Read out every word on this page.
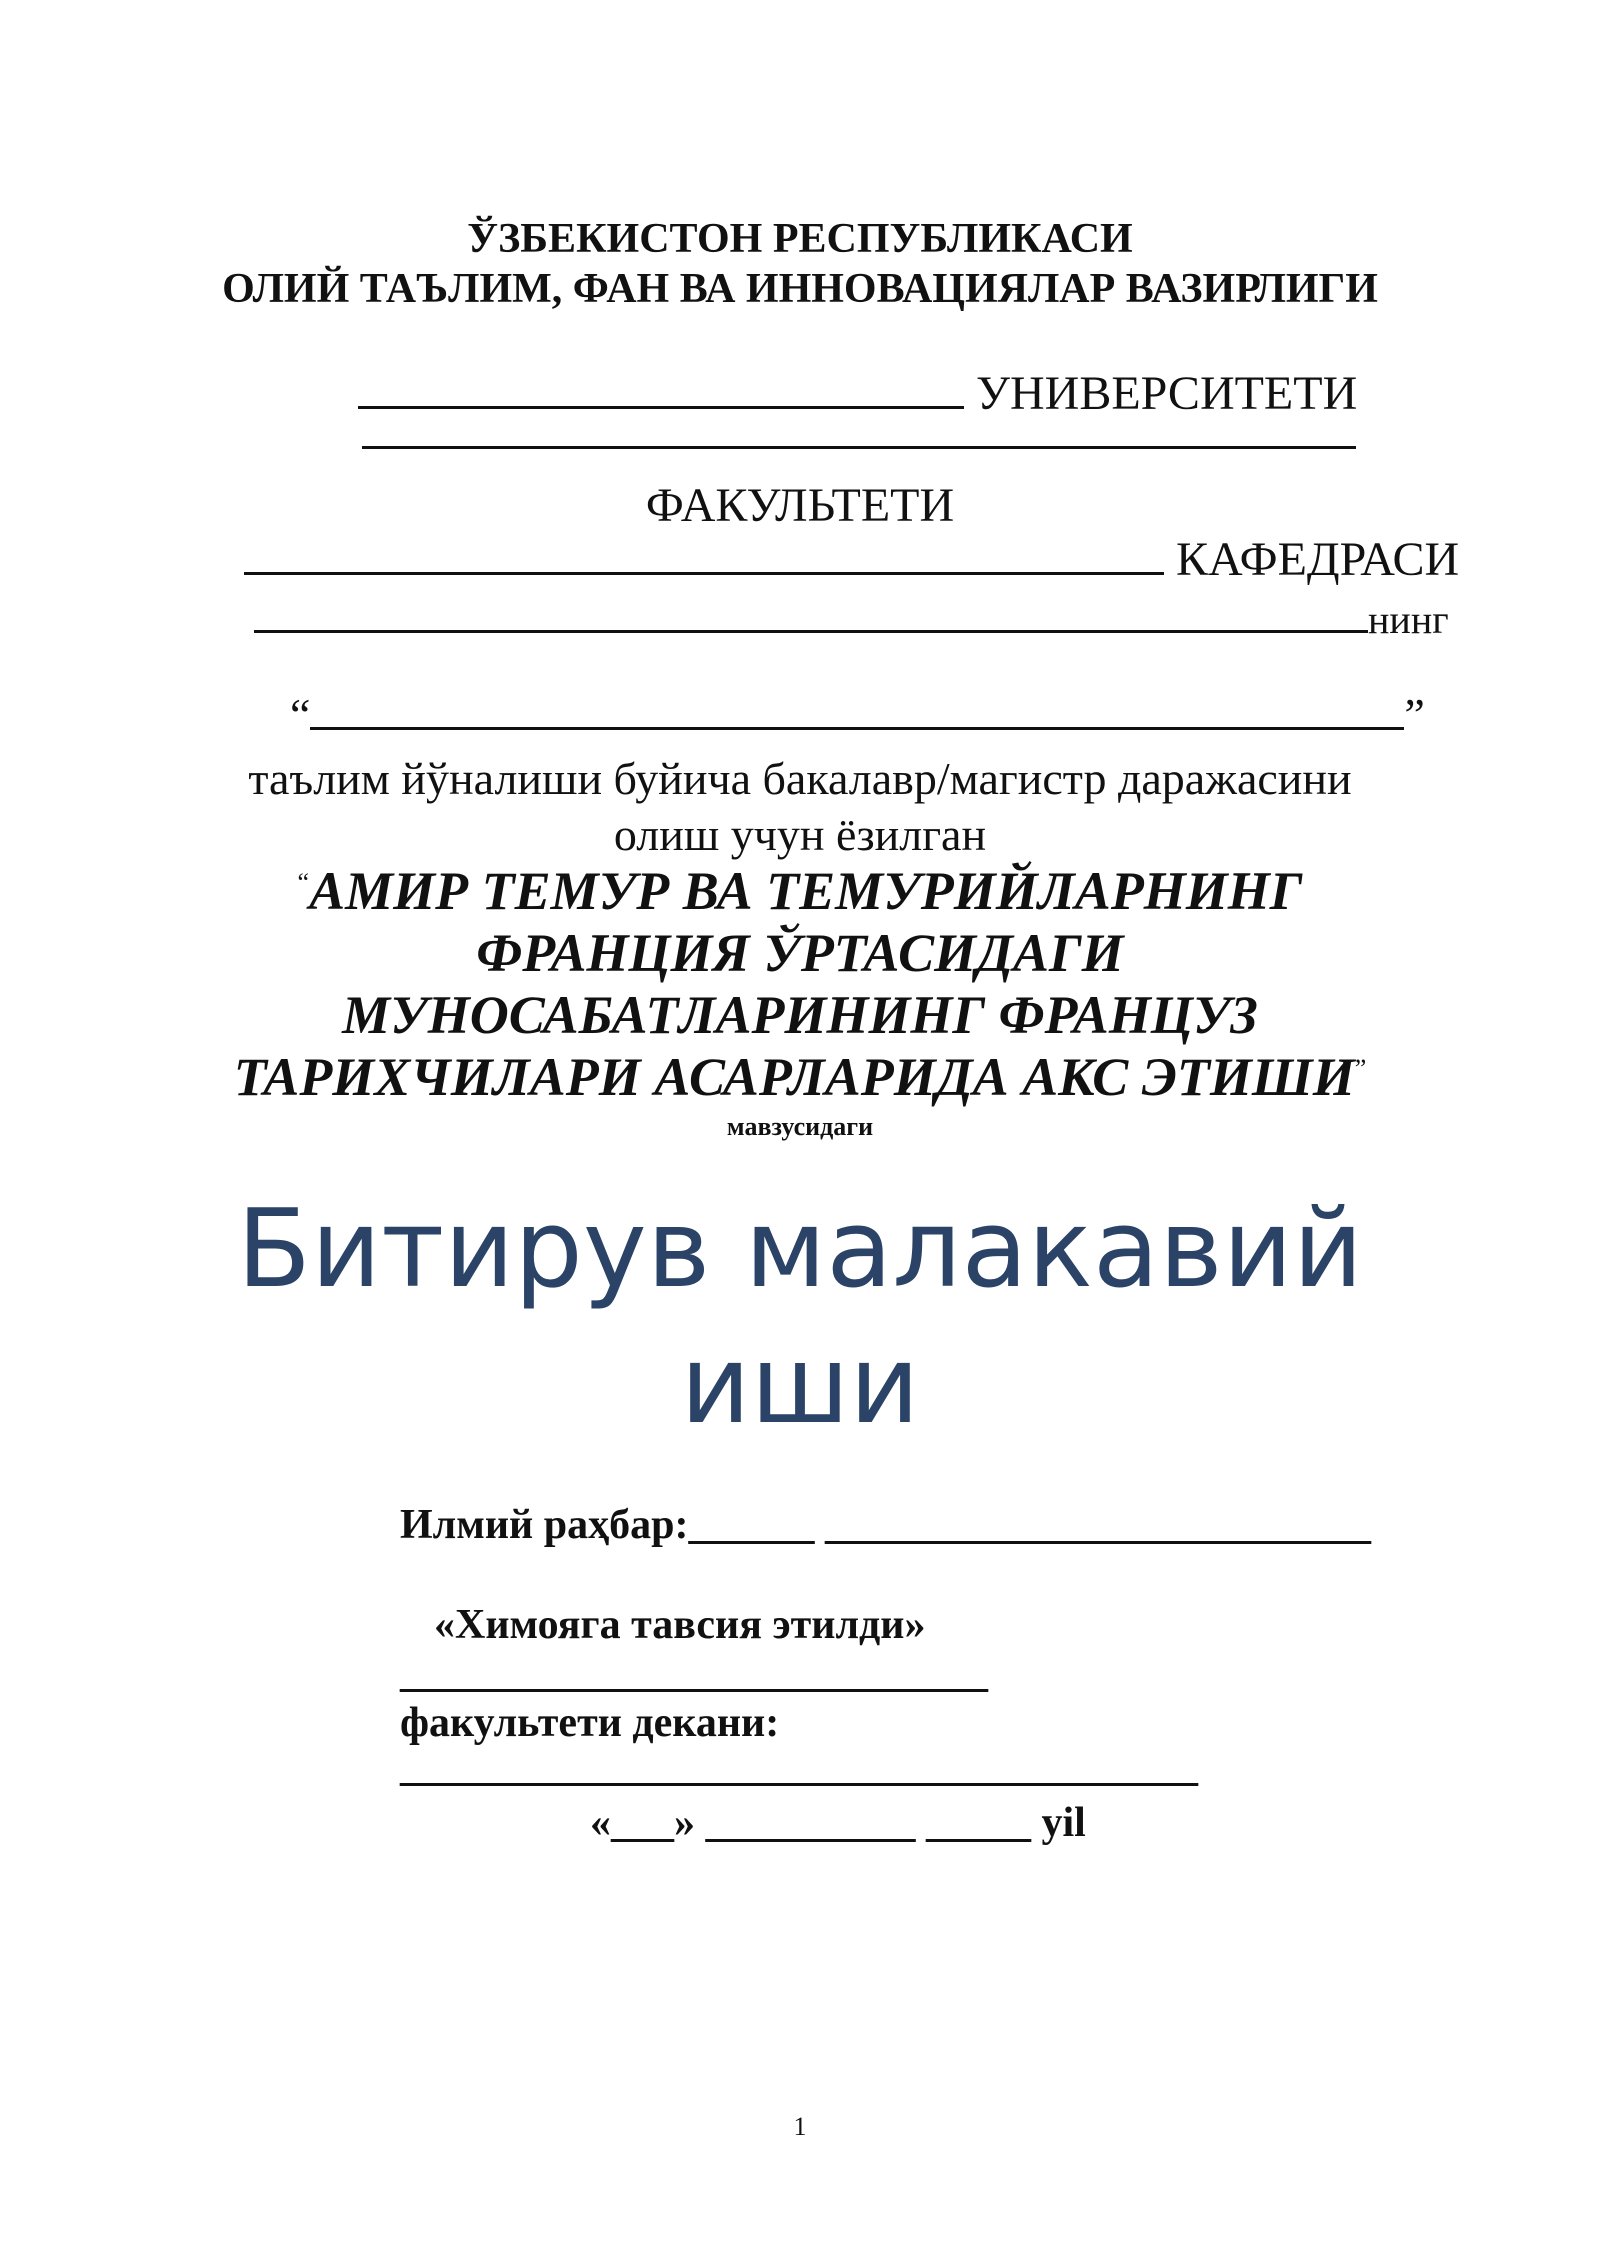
ЎЗБЕКИСТОН РЕСПУБЛИКАСИ
ОЛИЙ ТАЪЛИМ, ФАН ВА ИННОВАЦИЯЛАР ВАЗИРЛИГИ
УНИВЕРСИТЕТИ
ФАКУЛЬТЕТИ
КАФЕДРАСИ
нинг
“	”
таълим йўналиши буйича бакалавр/магистр даражасини
олиш учун ёзилган
“АМИР ТЕМУР ВА ТЕМУРИЙЛАРНИНГ
ФРАНЦИЯ ЎРТАСИДАГИ
МУНОСАБАТЛАРИНИНГ ФРАНЦУЗ
ТАРИХЧИЛАРИ АСАРЛАРИДА АКС ЭТИШИ”
мавзусидаги
Битирув малакавий
иши
Илмий раҳбар:______ __________________________
«Химояга тавсия этилди»
____________________________
факультети декани:
______________________________________
«___» __________ _____ yil
1
